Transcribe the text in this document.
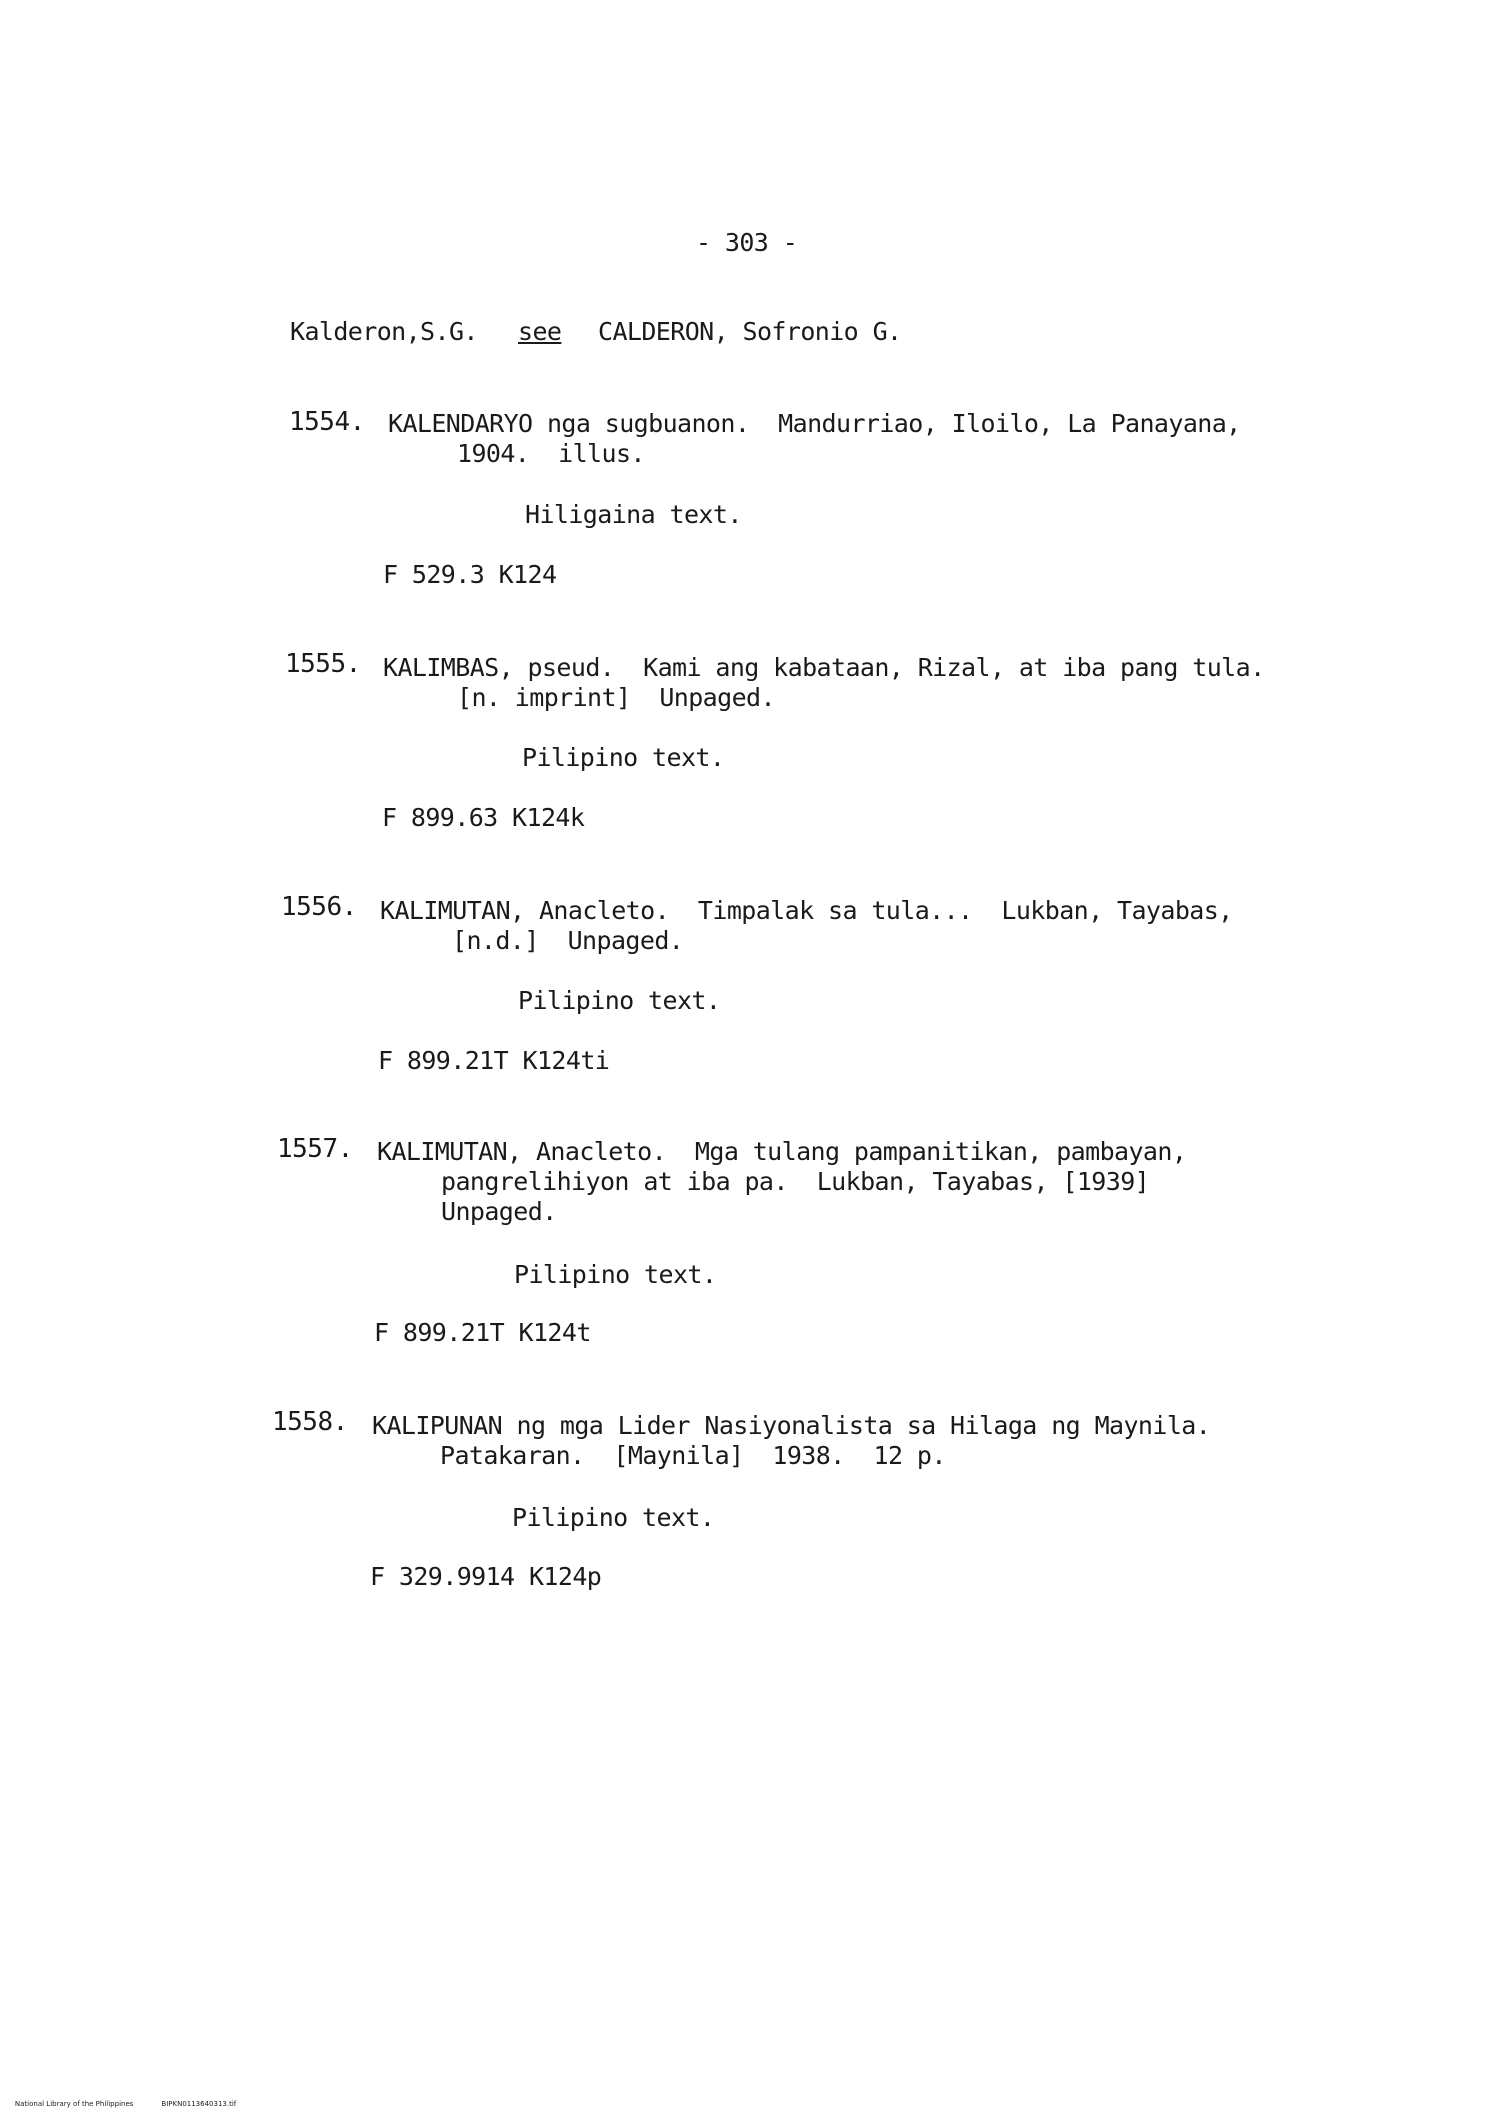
- 303 -
Kalderon,S.G. see CALDERON, Sofronio G.
1554. KALENDARYO nga sugbuanon.  Mandurriao, Iloilo, La Panayana,
1904.  illus.
Hiligaina text.
F 529.3 K124
1555. KALIMBAS, pseud.  Kami ang kabataan, Rizal, at iba pang tula.
[n. imprint]  Unpaged.
Pilipino text.
F 899.63 K124k
1556. KALIMUTAN, Anacleto.  Timpalak sa tula...  Lukban, Tayabas,
[n.d.]  Unpaged.
Pilipino text.
F 899.21T K124ti
1557. KALIMUTAN, Anacleto.  Mga tulang pampanitikan, pambayan,
pangrelihiyon at iba pa.  Lukban, Tayabas, [1939]
Unpaged.
Pilipino text.
F 899.21T K124t
1558. KALIPUNAN ng mga Lider Nasiyonalista sa Hilaga ng Maynila.
Patakaran.  [Maynila]  1938.  12 p.
Pilipino text.
F 329.9914 K124p

National Library of the Philippines	BIPKN0113640313.tif
